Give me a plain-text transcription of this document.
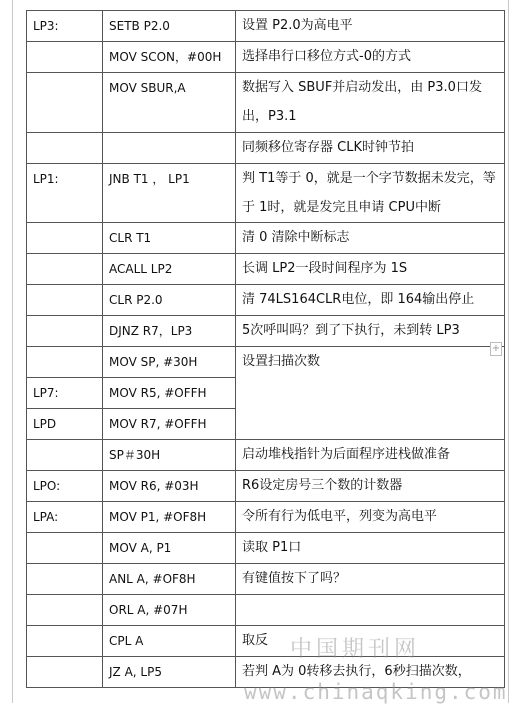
LP3:	SETB P2.0	设置 P2.0为高电平
	MOV SCON，#00H	选择串行口移位方式-0的方式
	MOV SBUR,A	数据写入 SBUF并启动发出，由 P3.0口发出，P3.1
		同频移位寄存器 CLK时钟节拍
LP1:	JNB T1 ， LP1	判 T1等于 0，就是一个字节数据未发完，等于 1时，就是发完且申请 CPU中断
	CLR T1	清 0 清除中断标志
	ACALL LP2	长调 LP2一段时间程序为 1S
	CLR P2.0	清 74LS164CLR电位，即 164输出停止
	DJNZ R7，LP3	5次呼叫吗？到了下执行，未到转 LP3
	MOV SP, #30H	设置扫描次数
LP7:	MOV R5, #OFFH	
LPD	MOV R7, #OFFH	
	SP＃30H	启动堆栈指针为后面程序进栈做准备
LPO:	MOV R6, #03H	R6设定房号三个数的计数器
LPA:	MOV P1, #OF8H	令所有行为低电平，列变为高电平
	MOV A, P1	读取 P1口
	ANL A, #OF8H	有键值按下了吗？
	ORL A, #07H	
	CPL A	取反
	JZ A, LP5	若判 A为 0转移去执行，6秒扫描次数，
+
中国期刊网
www.chinaqking.com
